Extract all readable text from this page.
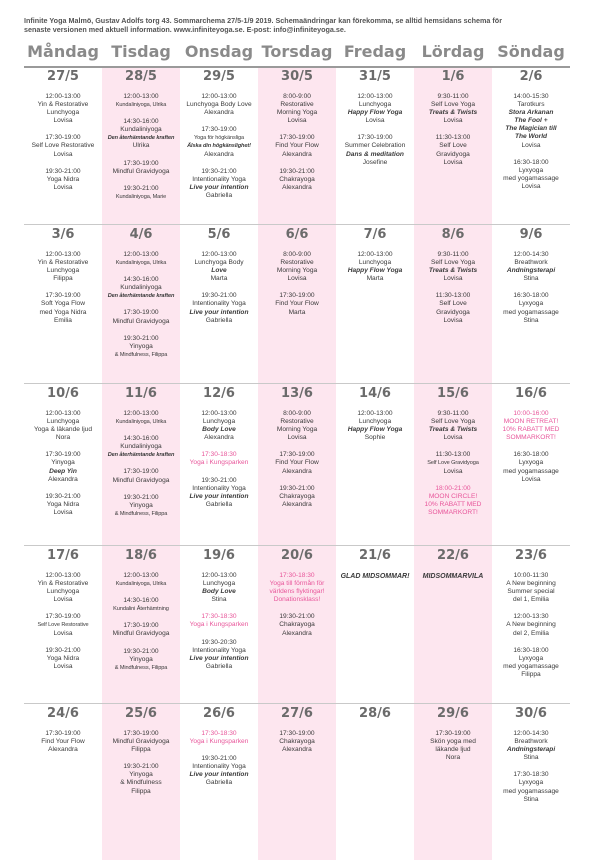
Infinite Yoga Malmö, Gustav Adolfs torg 43. Sommarchema 27/5-1/9 2019. Schemaändringar kan förekomma, se alltid hemsidans schema för
senaste versionen med aktuell information. www.infiniteyoga.se. E-post: info@infiniteyoga.se.
Måndag Tisdag Onsdag Torsdag Fredag Lördag Söndag
27/5
12:00-13:00
Yin & Restorative
Lunchyoga
Lovisa
17:30-19:00
Self Love Restorative
Lovisa
19:30-21:00
Yoga Nidra
Lovisa
28/5
12:00-13:00
Kundaliniyoga, Ulrika
14:30-16:00
Kundaliniyoga
Den återhämtande kraften
Ulrika
17:30-19:00
Mindful Gravidyoga
19:30-21:00
Kundaliniyoga, Marie
29/5
12:00-13:00
Lunchyoga Body Love
Alexandra
17:30-19:00
Yoga för högkänsliga
Älska din högkänslighet!
Alexandra
19:30-21:00
Intentionality Yoga
Live your intention
Gabriella
30/5
8:00-9:00
Restorative
Morning Yoga
Lovisa
17:30-19:00
Find Your Flow
Alexandra
19:30-21:00
Chakrayoga
Alexandra
31/5
12:00-13:00
Lunchyoga
Happy Flow Yoga
Lovisa
17:30-19:00
Summer Celebration
Dans & meditation
Josefine
1/6
9:30-11:00
Self Love Yoga
Treats & Twists
Lovisa
11:30-13:00
Self Love
Gravidyoga
Lovisa
2/6
14:00-15:30
Tarotkurs
Stora Arkanan
The Fool +
The Magician till
The World
Lovisa
16:30-18:00
Lyxyoga
med yogamassage
Lovisa
3/6
12:00-13:00
Yin & Restorative
Lunchyoga
Filippa
17:30-19:00
Soft Yoga Flow
med Yoga Nidra
Emilia
4/6
12:00-13:00
Kundaliniyoga, Ulrika
14:30-16:00
Kundaliniyoga
Den återhämtande kraften
17:30-19:00
Mindful Gravidyoga
19:30-21:00
Yinyoga
& Mindfulness, Filippa
5/6
12:00-13:00
Lunchyoga Body
Love
Marta
19:30-21:00
Intentionality Yoga
Live your intention
Gabriella
6/6
8:00-9:00
Restorative
Morning Yoga
Lovisa
17:30-19:00
Find Your Flow
Marta
7/6
12:00-13:00
Lunchyoga
Happy Flow Yoga
Marta
8/6
9:30-11:00
Self Love Yoga
Treats & Twists
Lovisa
11:30-13:00
Self Love
Gravidyoga
Lovisa
9/6
12:00-14:30
Breathwork
Andningsterapi
Stina
16:30-18:00
Lyxyoga
med yogamassage
Stina
10/6
12:00-13:00
Lunchyoga
Yoga & läkande ljud
Nora
17:30-19:00
Yinyoga
Deep Yin
Alexandra
19:30-21:00
Yoga Nidra
Lovisa
11/6
12:00-13:00
Kundaliniyoga, Ulrika
14:30-16:00
Kundaliniyoga
Den återhämtande kraften
17:30-19:00
Mindful Gravidyoga
19:30-21:00
Yinyoga
& Mindfulness, Filippa
12/6
12:00-13:00
Lunchyoga
Body Love
Alexandra
17:30-18:30
Yoga i Kungsparken
19:30-21:00
Intentionality Yoga
Live your intention
Gabriella
13/6
8:00-9:00
Restorative
Morning Yoga
Lovisa
17:30-19:00
Find Your Flow
Alexandra
19:30-21:00
Chakrayoga
Alexandra
14/6
12:00-13:00
Lunchyoga
Happy Flow Yoga
Sophie
15/6
9:30-11:00
Self Love Yoga
Treats & Twists
Lovisa
11:30-13:00
Self Love Gravidyoga
Lovisa
18:00-21:00
MOON CIRCLE!
10% RABATT MED
SOMMARKORT!
16/6
10:00-16:00
MOON RETREAT!
10% RABATT MED
SOMMARKORT!
16:30-18:00
Lyxyoga
med yogamassage
Lovisa
17/6
12:00-13:00
Yin & Restorative
Lunchyoga
Lovisa
17:30-19:00
Self Love Restorative
Lovisa
19:30-21:00
Yoga Nidra
Lovisa
18/6
12:00-13:00
Kundaliniyoga, Ulrika
14:30-16:00
Kundalini Återhämtning
17:30-19:00
Mindful Gravidyoga
19:30-21:00
Yinyoga
& Mindfulness, Filippa
19/6
12:00-13:00
Lunchyoga
Body Love
Stina
17:30-18:30
Yoga i Kungsparken
19:30-20:30
Intentionality Yoga
Live your intention
Gabriella
20/6
17:30-18:30
Yoga till förmån för
världens flyktingar!
Donationsklass!
19:30-21:00
Chakrayoga
Alexandra
21/6
GLAD MIDSOMMAR!
22/6
MIDSOMMARVILA
23/6
10:00-11:30
A New beginning
Summer special
del 1, Emilia
12:00-13:30
A New beginning
del 2, Emilia
16:30-18:00
Lyxyoga
med yogamassage
Filippa
24/6
17:30-19:00
Find Your Flow
Alexandra
25/6
17:30-19:00
Mindful Gravidyoga
Filippa
19:30-21:00
Yinyoga
& Mindfulness
Filippa
26/6
17:30-18:30
Yoga i Kungsparken
19:30-21:00
Intentionality Yoga
Live your intention
Gabriella
27/6
17:30-19:00
Chakrayoga
Alexandra
28/6	29/6
17:30-19:00
Skön yoga med
läkande ljud
Nora
30/6
12:00-14:30
Breathwork
Andningsterapi
Stina
17:30-18:30
Lyxyoga
med yogamassage
Stina
